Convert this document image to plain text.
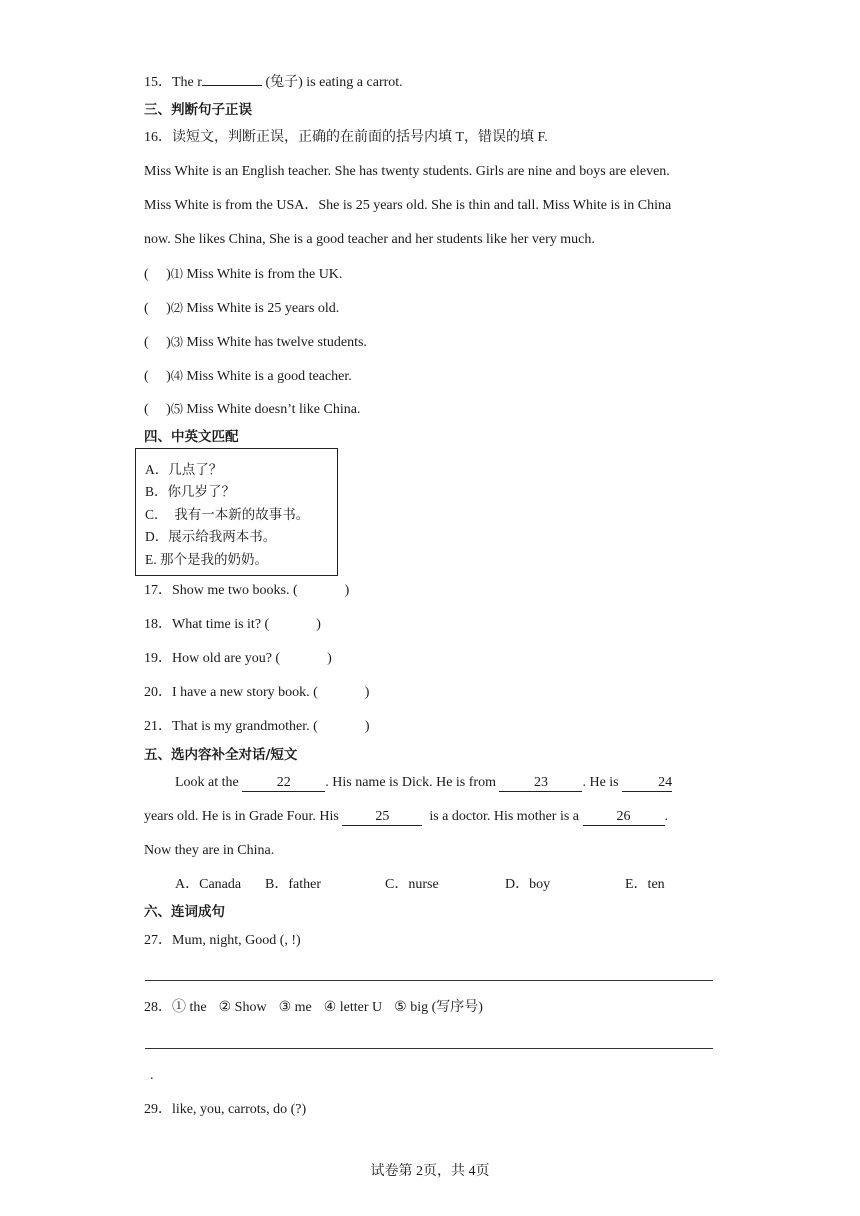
15．The r	(兔子) is eating a carrot.
三、判断句子正误
16．读短文，判断正误，正确的在前面的括号内填 T，错误的填 F.
Miss White is an English teacher. She has twenty students. Girls are nine and boys are eleven.
Miss White is from the USA．She is 25 years old. She is thin and tall. Miss White is in China
now. She likes China, She is a good teacher and her students like her very much.
(     )⑴ Miss White is from the UK.
(     )⑵ Miss White is 25 years old.
(     )⑶ Miss White has twelve students.
(     )⑷ Miss White is a good teacher.
(     )⑸ Miss White doesn’t like China.
四、中英文匹配
A．几点了？
B．你几岁了？
C．　我有一本新的故事书。
D．展示给我两本书。
E. 那个是我的奶奶。
17．Show me two books. (	)
18．What time is it? (	)
19．How old are you? (	)
20．I have a new story book. (	)
21．That is my grandmother. (	)
五、选内容补全对话/短文
Look at the 22 . His name is Dick. He is from 23 . He is	24
years old. He is in Grade Four. His 25	is a doctor. His mother is a 26 .
Now they are in China.
A．Canada B．father	C．nurse	D．boy	E．ten
六、连词成句
27．Mum, night, Good (, !)
28．① the ② Show ③ me ④ letter U ⑤ big (写序号)
.
29．like, you, carrots, do (?)
试卷第 2页，共 4页
